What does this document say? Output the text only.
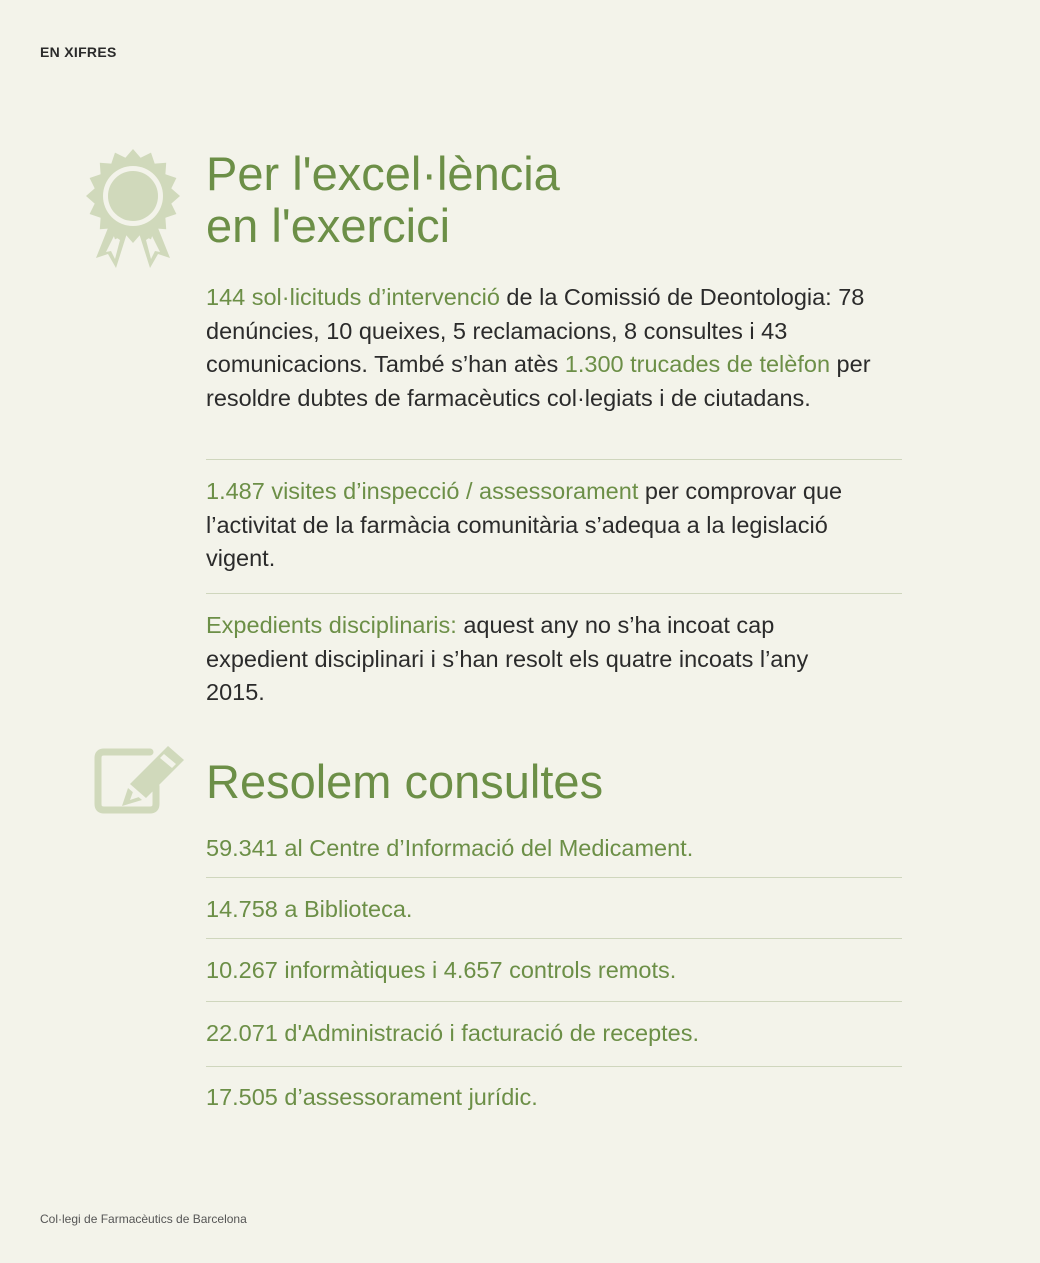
EN XIFRES
Per l'excel·lència
en l'exercici

144 sol·licituds d’intervenció de la Comissió de Deontologia: 78 denúncies, 10 queixes, 5 reclamacions, 8 consultes i 43 comunicacions. També s’han atès 1.300 trucades de telèfon per resoldre dubtes de farmacèutics col·legiats i de ciutadans.

1.487 visites d’inspecció / assessorament per comprovar que l’activitat de la farmàcia comunitària s’adequa a la legislació vigent.

Expedients disciplinaris: aquest any no s’ha incoat cap expedient disciplinari i s’han resolt els quatre incoats l’any 2015.

Resolem consultes

59.341 al Centre d’Informació del Medicament.

14.758 a Biblioteca.

10.267 informàtiques i 4.657 controls remots.

22.071 d'Administració i facturació de receptes.

17.505 d’assessorament jurídic.

Col·legi de Farmacèutics de Barcelona
